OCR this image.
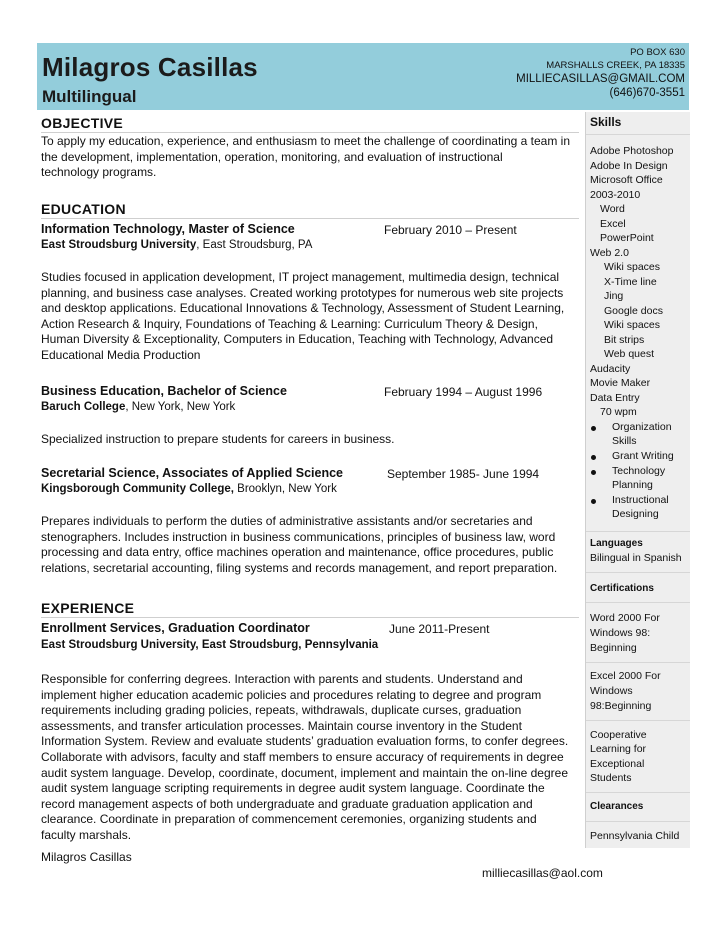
Milagros Casillas
Multilingual
PO BOX 630
MARSHALLS CREEK, PA 18335
MILLIECASILLAS@GMAIL.COM
(646)670-3551
OBJECTIVE
To apply my education, experience, and enthusiasm to meet the challenge of coordinating a team in
the development, implementation, operation, monitoring, and evaluation of instructional
technology programs.
EDUCATION
Information Technology, Master of Science	February 2010 – Present
East Stroudsburg University, East Stroudsburg, PA
Studies focused in application development, IT project management, multimedia design, technical
planning, and business case analyses. Created working prototypes for numerous web site projects
and desktop applications. Educational Innovations & Technology, Assessment of Student Learning,
Action Research & Inquiry, Foundations of Teaching & Learning: Curriculum Theory & Design,
Human Diversity & Exceptionality, Computers in Education, Teaching with Technology, Advanced
Educational Media Production
Business Education, Bachelor of Science	February 1994 – August 1996
Baruch College, New York, New York
Specialized instruction to prepare students for careers in business.
Secretarial Science, Associates of Applied Science	September 1985- June 1994
Kingsborough Community College, Brooklyn, New York
Prepares individuals to perform the duties of administrative assistants and/or secretaries and
stenographers. Includes instruction in business communications, principles of business law, word
processing and data entry, office machines operation and maintenance, office procedures, public
relations, secretarial accounting, filing systems and records management, and report preparation.
EXPERIENCE
Enrollment Services, Graduation Coordinator	June 2011-Present
East Stroudsburg University, East Stroudsburg, Pennsylvania
Responsible for conferring degrees. Interaction with parents and students. Understand and
implement higher education academic policies and procedures relating to degree and program
requirements including grading policies, repeats, withdrawals, duplicate curses, graduation
assessments, and transfer articulation processes. Maintain course inventory in the Student
Information System. Review and evaluate students’ graduation evaluation forms, to confer degrees.
Collaborate with advisors, faculty and staff members to ensure accuracy of requirements in degree
audit system language. Develop, coordinate, document, implement and maintain the on-line degree
audit system language scripting requirements in degree audit system language. Coordinate the
record management aspects of both undergraduate and graduate graduation application and
clearance. Coordinate in preparation of commencement ceremonies, organizing students and
faculty marshals.
Skills
Adobe Photoshop
Adobe In Design
Microsoft Office
2003-2010
Word
Excel
PowerPoint
Web 2.0
Wiki spaces
X-Time line
Jing
Google docs
Wiki spaces
Bit strips
Web quest
Audacity
Movie Maker
Data Entry
70 wpm
Organization
Skills
Grant Writing
Technology
Planning
Instructional
Designing
Languages
Bilingual in Spanish
Certifications
Word 2000 For
Windows 98:
Beginning
Excel 2000 For
Windows
98:Beginning
Cooperative
Learning for
Exceptional
Students
Clearances
Pennsylvania Child
Milagros Casillas
milliecasillas@aol.com
